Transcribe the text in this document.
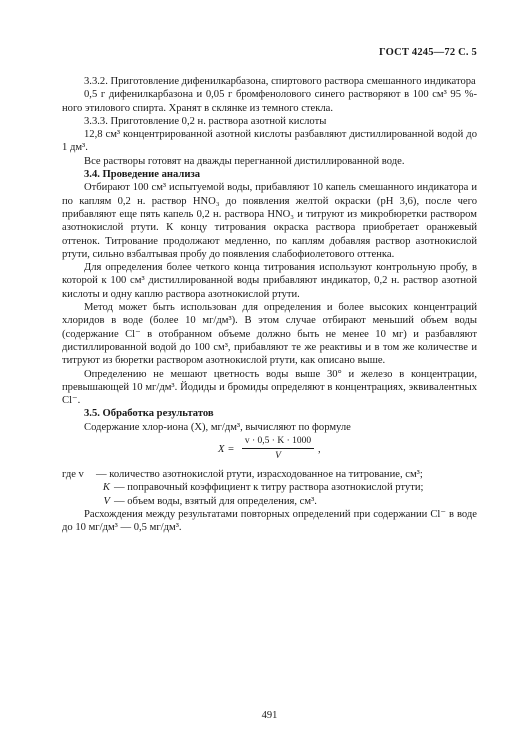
ГОСТ 4245—72 С. 5

3.3.2. Приготовление дифенилкарбазона, спиртового раствора смешанного индикатора

0,5 г дифенилкарбазона и 0,05 г бромфенолового синего растворяют в 100 см³ 95 %-ного этилового спирта. Хранят в склянке из темного стекла.

3.3.3. Приготовление 0,2 н. раствора азотной кислоты

12,8 см³ концентрированной азотной кислоты разбавляют дистиллированной водой до 1 дм³.

Все растворы готовят на дважды перегнанной дистиллированной воде.

3.4. Проведение анализа

Отбирают 100 см³ испытуемой воды, прибавляют 10 капель смешанного индикатора и по каплям 0,2 н. раствор HNO₃ до появления желтой окраски (pH 3,6), после чего прибавляют еще пять капель 0,2 н. раствора HNO₃ и титруют из микробюретки раствором азотнокислой ртути. К концу титрования окраска раствора приобретает оранжевый оттенок. Титрование продолжают медленно, по каплям добавляя раствор азотнокислой ртути, сильно взбалтывая пробу до появления слабофиолетового оттенка.

Для определения более четкого конца титрования используют контрольную пробу, в которой к 100 см³ дистиллированной воды прибавляют индикатор, 0,2 н. раствор азотной кислоты и одну каплю раствора азотнокислой ртути.

Метод может быть использован для определения и более высоких концентраций хлоридов в воде (более 10 мг/дм³). В этом случае отбирают меньший объем воды (содержание Cl⁻ в отобранном объеме должно быть не менее 10 мг) и разбавляют дистиллированной водой до 100 см³, прибавляют те же реактивы и в том же количестве и титруют из бюретки раствором азотнокислой ртути, как описано выше.

Определению не мешают цветность воды выше 30° и железо в концентрации, превышающей 10 мг/дм³. Йодиды и бромиды определяют в концентрациях, эквивалентных Cl⁻.

3.5. Обработка результатов

Содержание хлор-иона (X), мг/дм³, вычисляют по формуле

X =
v · 0,5 · K · 1000
V
,
где v	— количество азотнокислой ртути, израсходованное на титрование, см³;
K — поправочный коэффициент к титру раствора азотнокислой ртути;
V — объем воды, взятый для определения, см³.

Расхождения между результатами повторных определений при содержании Cl⁻ в воде до 10 мг/дм³ — 0,5 мг/дм³.

491
